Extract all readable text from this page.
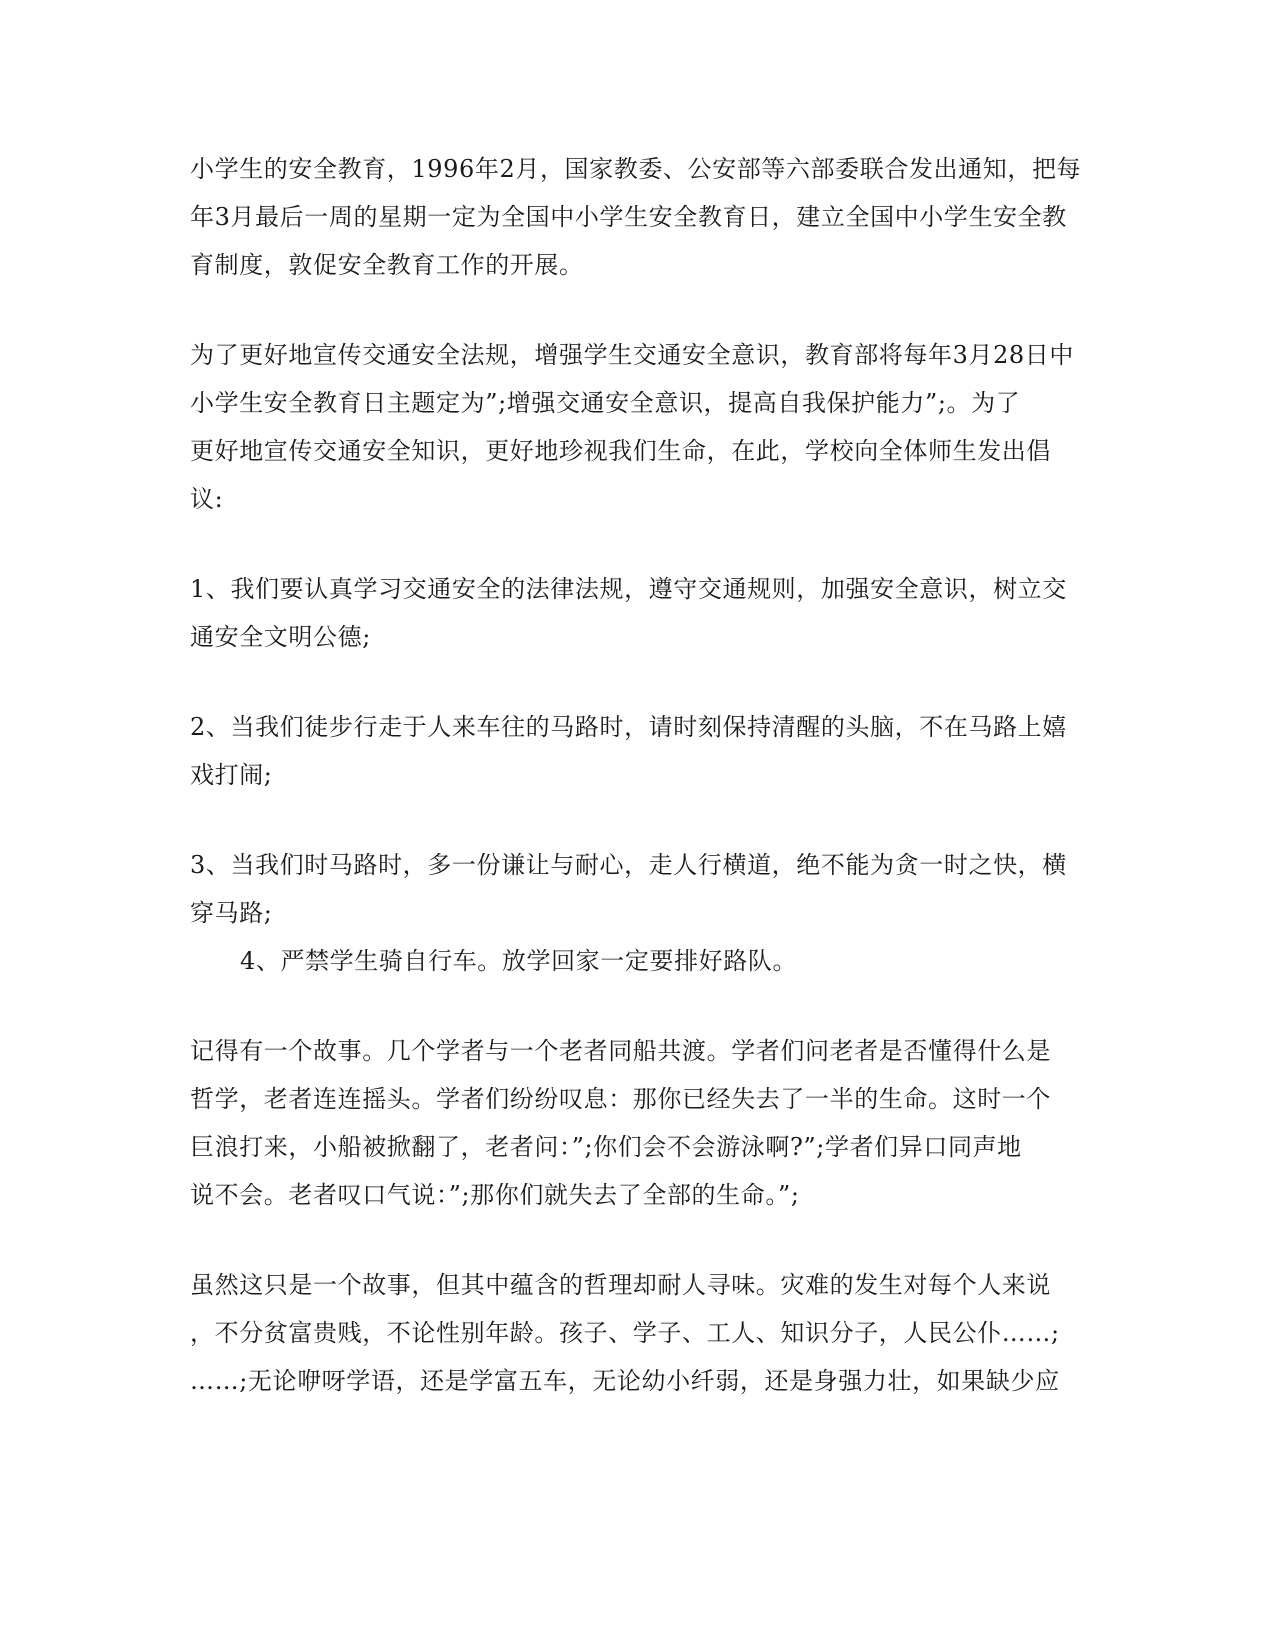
小学生的安全教育，1996年2月，国家教委、公安部等六部委联合发出通知，把每
年3月最后一周的星期一定为全国中小学生安全教育日，建立全国中小学生安全教
育制度，敦促安全教育工作的开展。
为了更好地宣传交通安全法规，增强学生交通安全意识，教育部将每年3月28日中
小学生安全教育日主题定为”;增强交通安全意识，提高自我保护能力”;。为了
更好地宣传交通安全知识，更好地珍视我们生命，在此，学校向全体师生发出倡
议:
1、我们要认真学习交通安全的法律法规，遵守交通规则，加强安全意识，树立交
通安全文明公德;
2、当我们徒步行走于人来车往的马路时，请时刻保持清醒的头脑，不在马路上嬉
戏打闹;
3、当我们时马路时，多一份谦让与耐心，走人行横道，绝不能为贪一时之快，横
穿马路;
4、严禁学生骑自行车。放学回家一定要排好路队。
记得有一个故事。几个学者与一个老者同船共渡。学者们问老者是否懂得什么是
哲学，老者连连摇头。学者们纷纷叹息：那你已经失去了一半的生命。这时一个
巨浪打来，小船被掀翻了，老者问：”;你们会不会游泳啊?”;学者们异口同声地
说不会。老者叹口气说：”;那你们就失去了全部的生命。”;
虽然这只是一个故事，但其中蕴含的哲理却耐人寻味。灾难的发生对每个人来说
，不分贫富贵贱，不论性别年龄。孩子、学子、工人、知识分子，人民公仆……;
……;无论咿呀学语，还是学富五车，无论幼小纤弱，还是身强力壮，如果缺少应
